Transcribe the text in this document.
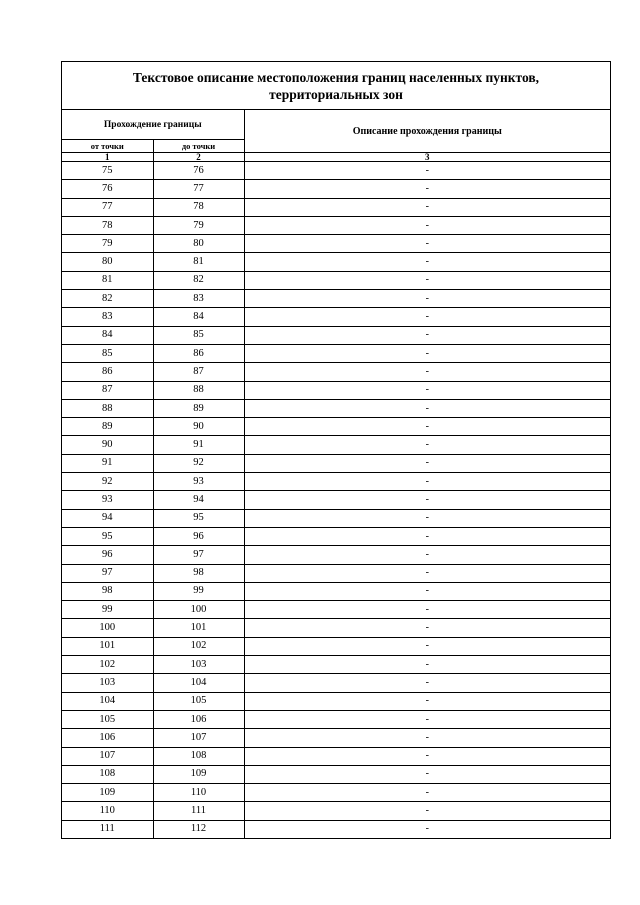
Текстовое описание местоположения границ населенных пунктов, территориальных зон
Прохождение границы		Описание прохождения границы
от точки	до точки	
1	2	3
75	76	-
76	77	-
77	78	-
78	79	-
79	80	-
80	81	-
81	82	-
82	83	-
83	84	-
84	85	-
85	86	-
86	87	-
87	88	-
88	89	-
89	90	-
90	91	-
91	92	-
92	93	-
93	94	-
94	95	-
95	96	-
96	97	-
97	98	-
98	99	-
99	100	-
100	101	-
101	102	-
102	103	-
103	104	-
104	105	-
105	106	-
106	107	-
107	108	-
108	109	-
109	110	-
110	111	-
111	112	-
